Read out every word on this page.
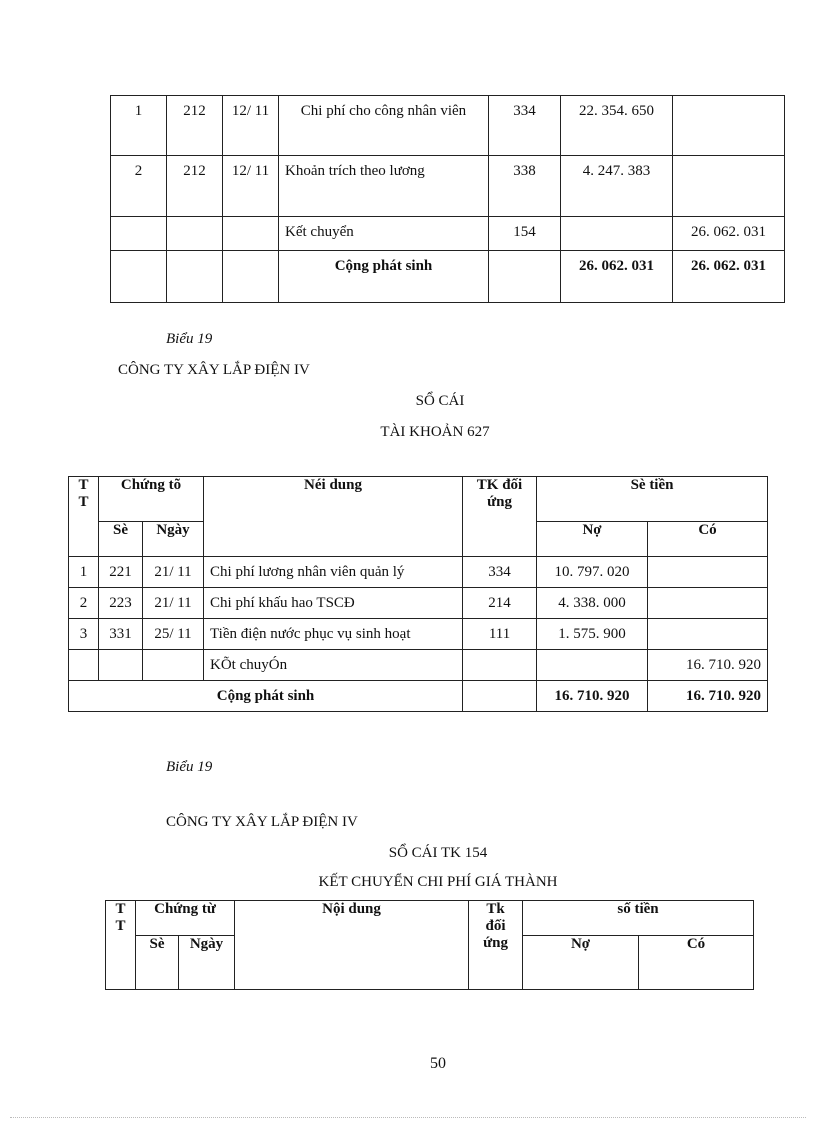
1	212	12/ 11	Chi phí cho công nhân viên	334	22. 354. 650	
2	212	12/ 11	Khoản trích theo lương	338	4. 247. 383	
			Kết chuyển	154		26. 062. 031
			Cộng phát sinh		26. 062. 031	26. 062. 031
Biểu 19
CÔNG TY XÂY LẮP ĐIỆN IV
SỔ CÁI
TÀI KHOẢN 627
T T	Chứng tõ		Néi dung	TK đối ứng	Sè tiền	
	Sè	Ngày			Nợ	Có
1	221	21/ 11	Chi phí lương nhân viên quản lý	334	10. 797. 020	
2	223	21/ 11	Chi phí khấu hao TSCĐ	214	4. 338. 000	
3	331	25/ 11	Tiền điện nước phục vụ sinh hoạt	111	1. 575. 900	
			KÕt chuyÓn			16. 710. 920
Cộng phát sinh					16. 710. 920	16. 710. 920
Biểu 19
CÔNG TY XÂY LẮP ĐIỆN IV
SỔ CÁI TK 154
KẾT CHUYỂN CHI PHÍ GIÁ THÀNH
T T	Chứng từ		Nội dung	Tk đối ứng	số tiền	
	Sè	Ngày			Nợ	Có
50
